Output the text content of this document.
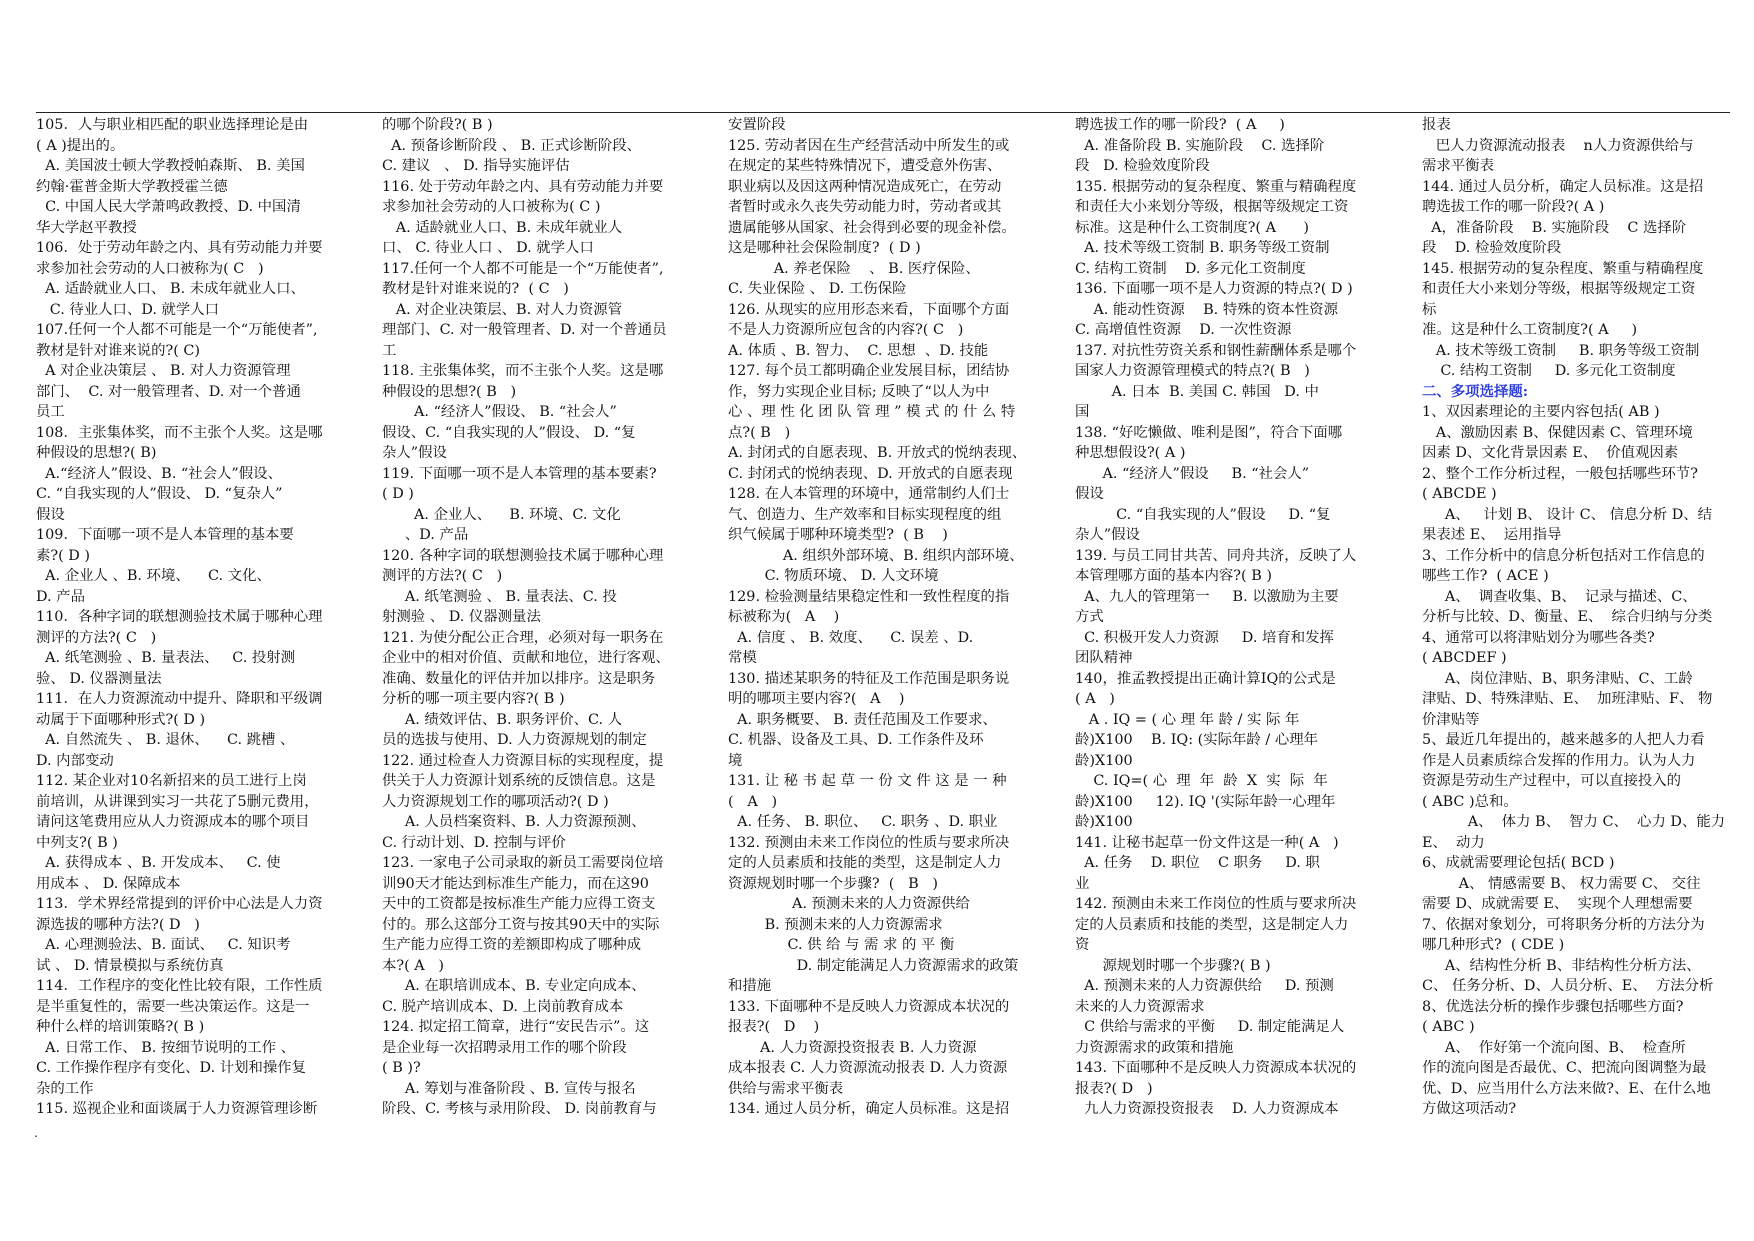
105．人与职业相匹配的职业选择理论是由
( A )提出的。
A. 美国波士顿大学教授帕森斯、 B. 美国
约翰·霍普金斯大学教授霍兰德
C. 中国人民大学萧鸣政教授、D. 中国清
华大学赵平教授
106．处于劳动年龄之内、具有劳动能力并要
求参加社会劳动的人口被称为( C   )
A. 适龄就业人口、 B. 未成年就业人口、
C. 待业人口、D. 就学人口
107.任何一个人都不可能是一个“万能使者”,
教材是针对谁来说的?( C)
A 对企业决策层 、 B. 对人力资源管理
部门、  C. 对一般管理者、D. 对一个普通
员工
108．主张集体奖，而不主张个人奖。这是哪
种假设的思想?( B)
A.“经济人”假设、B. “社会人”假设、
C. “自我实现的人”假设、 D. “复杂人”
假设
109．下面哪一项不是人本管理的基本要
素?( D )
A. 企业人 、B. 环境、    C. 文化、
D. 产品
110．各种字词的联想测验技术属于哪种心理
测评的方法?( C   )
A. 纸笔测验 、B. 量表法、   C. 投射测
验、 D. 仪器测量法
111．在人力资源流动中提升、降职和平级调
动属于下面哪种形式?( D )
A. 自然流失 、 B. 退休、    C. 跳槽 、
D. 内部变动
112. 某企业对10名新招来的员工进行上岗
前培训，从讲课到实习一共花了5删元费用，
请问这笔费用应从人力资源成本的哪个项目
中列支?( B )
A. 获得成本 、B. 开发成本、   C. 使
用成本 、 D. 保障成本
113．学术界经常提到的评价中心法是人力资
源选拔的哪种方法?( D   )
A. 心理测验法、B. 面试、   C. 知识考
试 、 D. 情景模拟与系统仿真
114．工作程序的变化性比较有限，工作性质
是半重复性的，需要一些决策运作。这是一
种什么样的培训策略?( B )
A. 日常工作、 B. 按细节说明的工作 、
C. 工作操作程序有变化、D. 计划和操作复
杂的工作
115. 巡视企业和面谈属于人力资源管理诊断
的哪个阶段?( B )
A. 预备诊断阶段 、 B. 正式诊断阶段、
C. 建议   、 D. 指导实施评估
116. 处于劳动年龄之内、具有劳动能力并要
求参加社会劳动的人口被称为( C )
A. 适龄就业人口、B. 未成年就业人
口、 C. 待业人口 、 D. 就学人口
117.任何一个人都不可能是一个“万能使者”,
教材是针对谁来说的?  ( C   )
A. 对企业决策层、B. 对人力资源管
理部门、C. 对一般管理者、D. 对一个普通员
工
118. 主张集体奖，而不主张个人奖。这是哪
种假设的思想?( B   )
A. “经济人”假设、 B. “社会人”
假设、C. “自我实现的人”假设、 D. “复
杂人”假设
119. 下面哪一项不是人本管理的基本要素?
( D )
A. 企业人、    B. 环境、C. 文化
、D. 产品
120. 各种字词的联想测验技术属于哪种心理
测评的方法?( C   )
A. 纸笔测验 、 B. 量表法、C. 投
射测验 、 D. 仪器测量法
121. 为使分配公正合理，必须对每一职务在
企业中的相对价值、贡献和地位，进行客观、
准确、数量化的评估并加以排序。这是职务
分析的哪一项主要内容?( B )
A. 绩效评估、B. 职务评价、C. 人
员的选拔与使用、D. 人力资源规划的制定
122. 通过检查人力资源目标的实现程度，提
供关于人力资源计划系统的反馈信息。这是
人力资源规划工作的哪项活动?( D )
A. 人员档案资料、B. 人力资源预测、
C. 行动计划、D. 控制与评价
123. 一家电子公司录取的新员工需要岗位培
训90天才能达到标准生产能力，而在这90
天中的工资都是按标准生产能力应得工资支
付的。那么这部分工资与按其90天中的实际
生产能力应得工资的差额即构成了哪种成
本?( A   )
A. 在职培训成本、B. 专业定向成本、
C. 脱产培训成本、D. 上岗前教育成本
124. 拟定招工简章，进行“安民告示”。这
是企业每一次招聘录用工作的哪个阶段
( B )?
A. 筹划与准备阶段 、B. 宣传与报名
阶段、C. 考核与录用阶段、 D. 岗前教育与
安置阶段
125. 劳动者因在生产经营活动中所发生的或
在规定的某些特殊情况下，遭受意外伤害、
职业病以及因这两种情况造成死亡，在劳动
者暂时或永久丧失劳动能力时，劳动者或其
遗属能够从国家、社会得到必要的现金补偿。
这是哪种社会保险制度?  ( D )
A. 养老保险    、 B. 医疗保险、
C. 失业保险 、 D. 工伤保险
126. 从现实的应用形态来看，下面哪个方面
不是人力资源所应包含的内容?( C   )
A. 体质 、B. 智力、  C. 思想  、D. 技能
127. 每个员工都明确企业发展目标，团结协
作，努力实现企业目标; 反映了“以人为中
心 、理 性 化 团 队 管 理 ” 模 式 的 什 么 特
点?( B   )
A. 封闭式的自愿表现、B. 开放式的悦纳表现、
C. 封闭式的悦纳表现、D. 开放式的自愿表现
128. 在人本管理的环境中，通常制约人们士
气、创造力、生产效率和目标实现程度的组
织气候属于哪种环境类型?  ( B    )
A. 组织外部环境、B. 组织内部环境、
C. 物质环境、 D. 人文环境
129. 检验测量结果稳定性和一致性程度的指
标被称为(   A    )
A. 信度 、 B. 效度、    C. 误差 、D.
常模
130. 描述某职务的特征及工作范围是职务说
明的哪项主要内容?(   A    )
A. 职务概要、 B. 责任范围及工作要求、
C. 机器、设备及工具、D. 工作条件及环
境
131. 让 秘 书 起 草 一 份 文 件 这 是 一 种
(   A   )
A. 任务、 B. 职位、   C. 职务 、D. 职业
132. 预测由未来工作岗位的性质与要求所决
定的人员素质和技能的类型，这是制定人力
资源规划时哪一个步骤?  (   B   )
A. 预测未来的人力资源供给
B. 预测未来的人力资源需求
C. 供 给 与 需 求 的 平 衡
D. 制定能满足人力资源需求的政策
和措施
133. 下面哪种不是反映人力资源成本状况的
报表?(   D    )
A. 人力资源投资报表 B. 人力资源
成本报表 C. 人力资源流动报表 D. 人力资源
供给与需求平衡表
134. 通过人员分析，确定人员标准。这是招
聘选拔工作的哪一阶段?  ( A     )
A. 准备阶段 B. 实施阶段    C. 选择阶
段   D. 检验效度阶段
135. 根据劳动的复杂程度、繁重与精确程度
和责任大小来划分等级，根据等级规定工资
标准。这是种什么工资制度?( A      )
A. 技术等级工资制 B. 职务等级工资制
C. 结构工资制    D. 多元化工资制度
136. 下面哪一项不是人力资源的特点?( D )
A. 能动性资源    B. 特殊的资本性资源
C. 高增值性资源    D. 一次性资源
137. 对抗性劳资关系和钢性薪酬体系是哪个
国家人力资源管理模式的特点?( B   )
A. 日本  B. 美国 C. 韩国   D. 中
国
138. “好吃懒做、唯利是图”，符合下面哪
种思想假设?( A )
A. “经济人”假设     B. “社会人”
假设
C. “自我实现的人”假设     D. “复
杂人”假设
139. 与员工同甘共苦、同舟共济，反映了人
本管理哪方面的基本内容?( B )
A、九人的管理第一     B. 以激励为主要
方式
C. 积极开发人力资源     D. 培育和发挥
团队精神
140，推孟教授提出正确计算IQ的公式是
( A   )
A . IQ = ( 心 理 年 龄 / 实 际 年
龄)X100    B. IQ: (实际年龄 / 心理年
龄)X100
C. IQ=( 心  理  年  龄  X  实  际  年
龄)X100     12). IQ '(实际年龄一心理年
龄)X100
141. 让秘书起草一份文件这是一种( A   )
A. 任务    D. 职位    C 职务     D. 职
业
142. 预测由未来工作岗位的性质与要求所决
定的人员素质和技能的类型，这是制定人力
资
源规划时哪一个步骤?( B )
A. 预测未来的人力资源供给     D. 预测
未来的人力资源需求
C 供给与需求的平衡     D. 制定能满足人
力资源需求的政策和措施
143. 下面哪种不是反映人力资源成本状况的
报表?( D   )
九人力资源投资报表    D. 人力资源成本
报表
巴人力资源流动报表    n人力资源供给与
需求平衡表
144. 通过人员分析，确定人员标准。这是招
聘选拔工作的哪一阶段?( A )
A，准备阶段    B. 实施阶段    C 选择阶
段    D. 检验效度阶段
145. 根据劳动的复杂程度、繁重与精确程度
和责任大小来划分等级，根据等级规定工资
标
准。这是种什么工资制度?( A     )
A. 技术等级工资制     B. 职务等级工资制
C. 结构工资制     D. 多元化工资制度
二、多项选择题:
1、双因素理论的主要内容包括( AB )
A、激励因素 B、保健因素 C、管理环境
因素 D、文化背景因素 E、  价值观因素
2、整个工作分析过程，一般包括哪些环节?
( ABCDE )
A、   计划 B、 设计 C、 信息分析 D、结
果表述 E、  运用指导
3、工作分析中的信息分析包括对工作信息的
哪些工作?  ( ACE )
A、  调查收集、B、  记录与描述、C、
分析与比较、D、衡量、E、  综合归纳与分类
4、通常可以将津贴划分为哪些各类?
( ABCDEF )
A、岗位津贴、B、职务津贴、C、工龄
津贴、D、特殊津贴、E、  加班津贴、F、 物
价津贴等
5、最近几年提出的，越来越多的人把人力看
作是人员素质综合发挥的作用力。认为人力
资源是劳动生产过程中，可以直接投入的
( ABC )总和。
A、  体力 B、  智力 C、  心力 D、能力
E、  动力
6、成就需要理论包括( BCD )
A、 情感需要 B、 权力需要 C、 交往
需要 D、成就需要 E、  实现个人理想需要
7、依据对象划分，可将职务分析的方法分为
哪几种形式?  ( CDE )
A、结构性分析 B、非结构性分析方法、
C、 任务分析、D、人员分析、E、  方法分析
8、优选法分析的操作步骤包括哪些方面?
( ABC )
A、  作好第一个流向图、B、  检查所
作的流向图是否最优、C、把流向图调整为最
优、D、应当用什么方法来做?、E、在什么地
方做这项活动?
.
